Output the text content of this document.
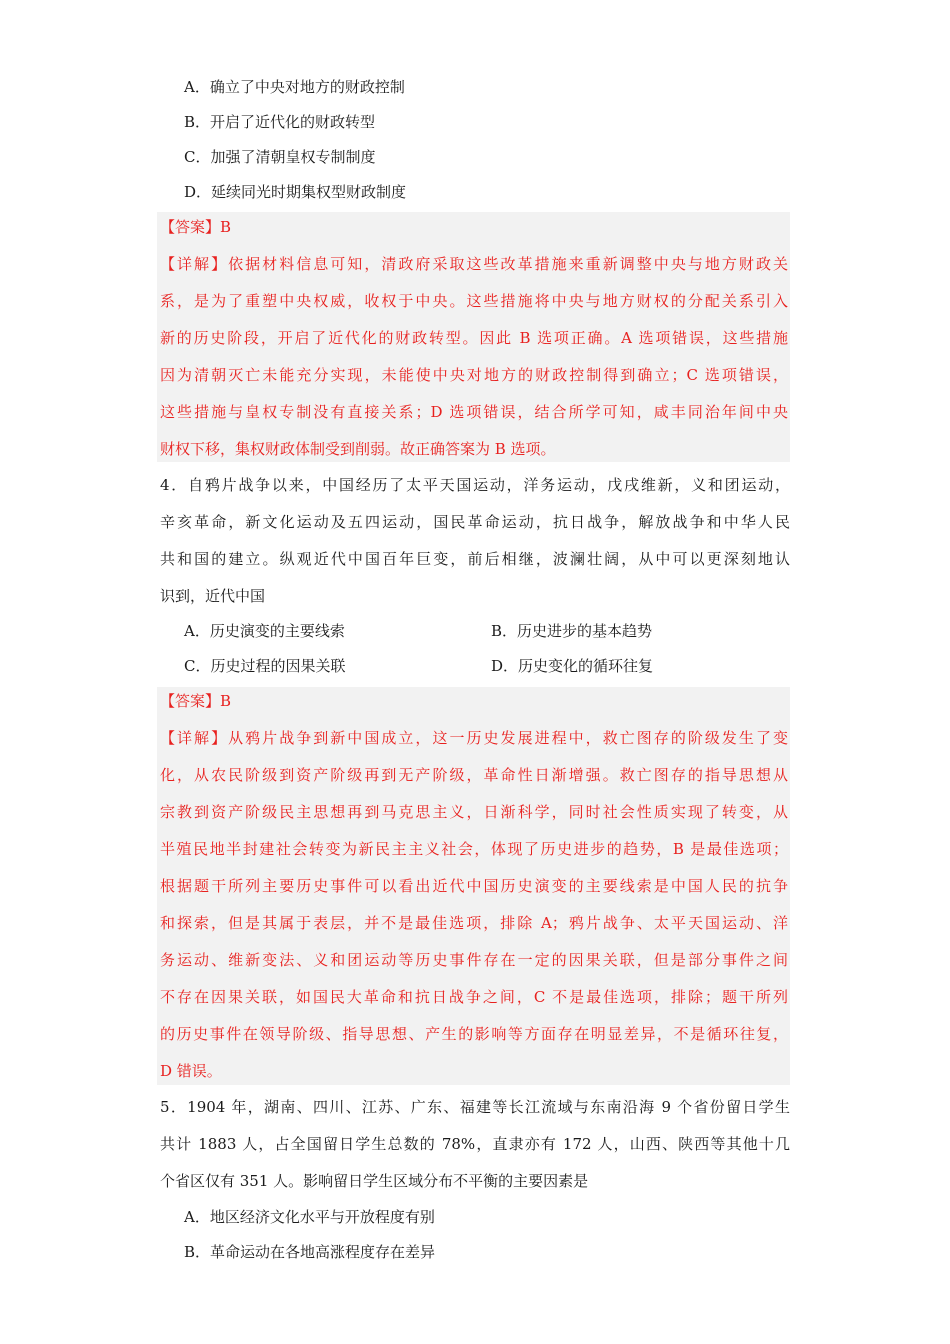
A．确立了中央对地方的财政控制
B．开启了近代化的财政转型
C．加强了清朝皇权专制制度
D．延续同光时期集权型财政制度
【答案】B
【详解】依据材料信息可知，清政府采取这些改革措施来重新调整中央与地方财政关
系，是为了重塑中央权威，收权于中央。这些措施将中央与地方财权的分配关系引入
新的历史阶段，开启了近代化的财政转型。因此 B 选项正确。A 选项错误，这些措施
因为清朝灭亡未能充分实现，未能使中央对地方的财政控制得到确立；C 选项错误，
这些措施与皇权专制没有直接关系；D 选项错误，结合所学可知，咸丰同治年间中央
财权下移，集权财政体制受到削弱。故正确答案为 B 选项。
4．自鸦片战争以来，中国经历了太平天国运动，洋务运动，戊戌维新，义和团运动，
辛亥革命，新文化运动及五四运动，国民革命运动，抗日战争，解放战争和中华人民
共和国的建立。纵观近代中国百年巨变，前后相继，波澜壮阔，从中可以更深刻地认
识到，近代中国
A．历史演变的主要线索	B．历史进步的基本趋势
C．历史过程的因果关联	D．历史变化的循环往复
【答案】B
【详解】从鸦片战争到新中国成立，这一历史发展进程中，救亡图存的阶级发生了变
化，从农民阶级到资产阶级再到无产阶级，革命性日渐增强。救亡图存的指导思想从
宗教到资产阶级民主思想再到马克思主义，日渐科学，同时社会性质实现了转变，从
半殖民地半封建社会转变为新民主主义社会，体现了历史进步的趋势，B 是最佳选项；
根据题干所列主要历史事件可以看出近代中国历史演变的主要线索是中国人民的抗争
和探索，但是其属于表层，并不是最佳选项，排除 A；鸦片战争、太平天国运动、洋
务运动、维新变法、义和团运动等历史事件存在一定的因果关联，但是部分事件之间
不存在因果关联，如国民大革命和抗日战争之间，C 不是最佳选项，排除；题干所列
的历史事件在领导阶级、指导思想、产生的影响等方面存在明显差异，不是循环往复，
D 错误。
5．1904 年，湖南、四川、江苏、广东、福建等长江流域与东南沿海 9 个省份留日学生
共计 1883 人，占全国留日学生总数的 78%，直隶亦有 172 人，山西、陕西等其他十几
个省区仅有 351 人。影响留日学生区域分布不平衡的主要因素是
A．地区经济文化水平与开放程度有别
B．革命运动在各地高涨程度存在差异
